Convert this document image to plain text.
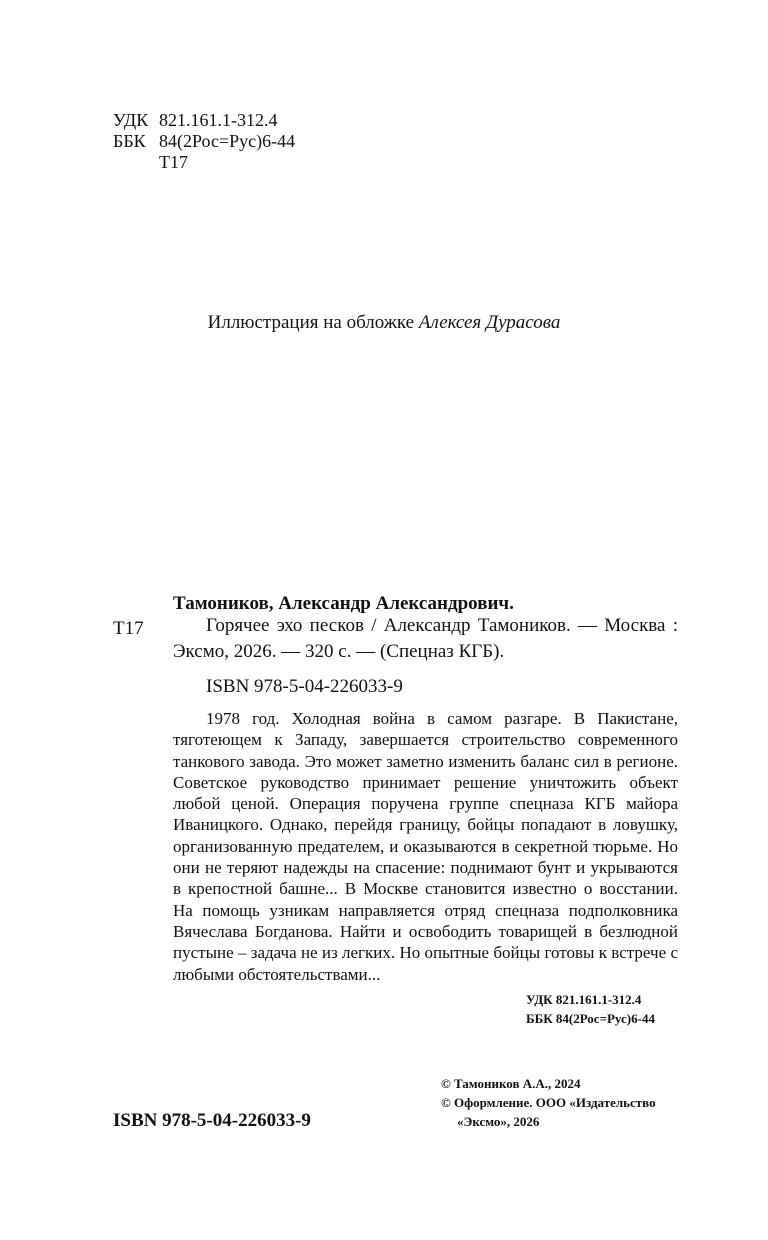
УДК 821.161.1-312.4
ББК 84(2Рос=Рус)6-44
Т17
Иллюстрация на обложке Алексея Дурасова
Тамоников, Александр Александрович.
Т17	Горячее эхо песков / Александр Тамоников. — Москва : Эксмо, 2026. — 320 с. — (Спецназ КГБ).
ISBN 978-5-04-226033-9
1978 год. Холодная война в самом разгаре. В Пакистане, тяготеющем к Западу, завершается строительство современного танкового завода. Это может заметно изменить баланс сил в регионе. Советское руководство принимает решение уничтожить объект любой ценой. Операция поручена группе спецназа КГБ майора Иваницкого. Однако, перейдя границу, бойцы попадают в ловушку, организованную предателем, и оказываются в секретной тюрьме. Но они не теряют надежды на спасение: поднимают бунт и укрываются в крепостной башне... В Москве становится известно о восстании. На помощь узникам направляется отряд спецназа подполковника Вячеслава Богданова. Найти и освободить товарищей в безлюдной пустыне – задача не из легких. Но опытные бойцы готовы к встрече с любыми обстоятельствами...
УДК 821.161.1-312.4
ББК 84(2Рос=Рус)6-44
© Тамоников А.А., 2024
© Оформление. ООО «Издательство
«Эксмо», 2026
ISBN 978-5-04-226033-9
